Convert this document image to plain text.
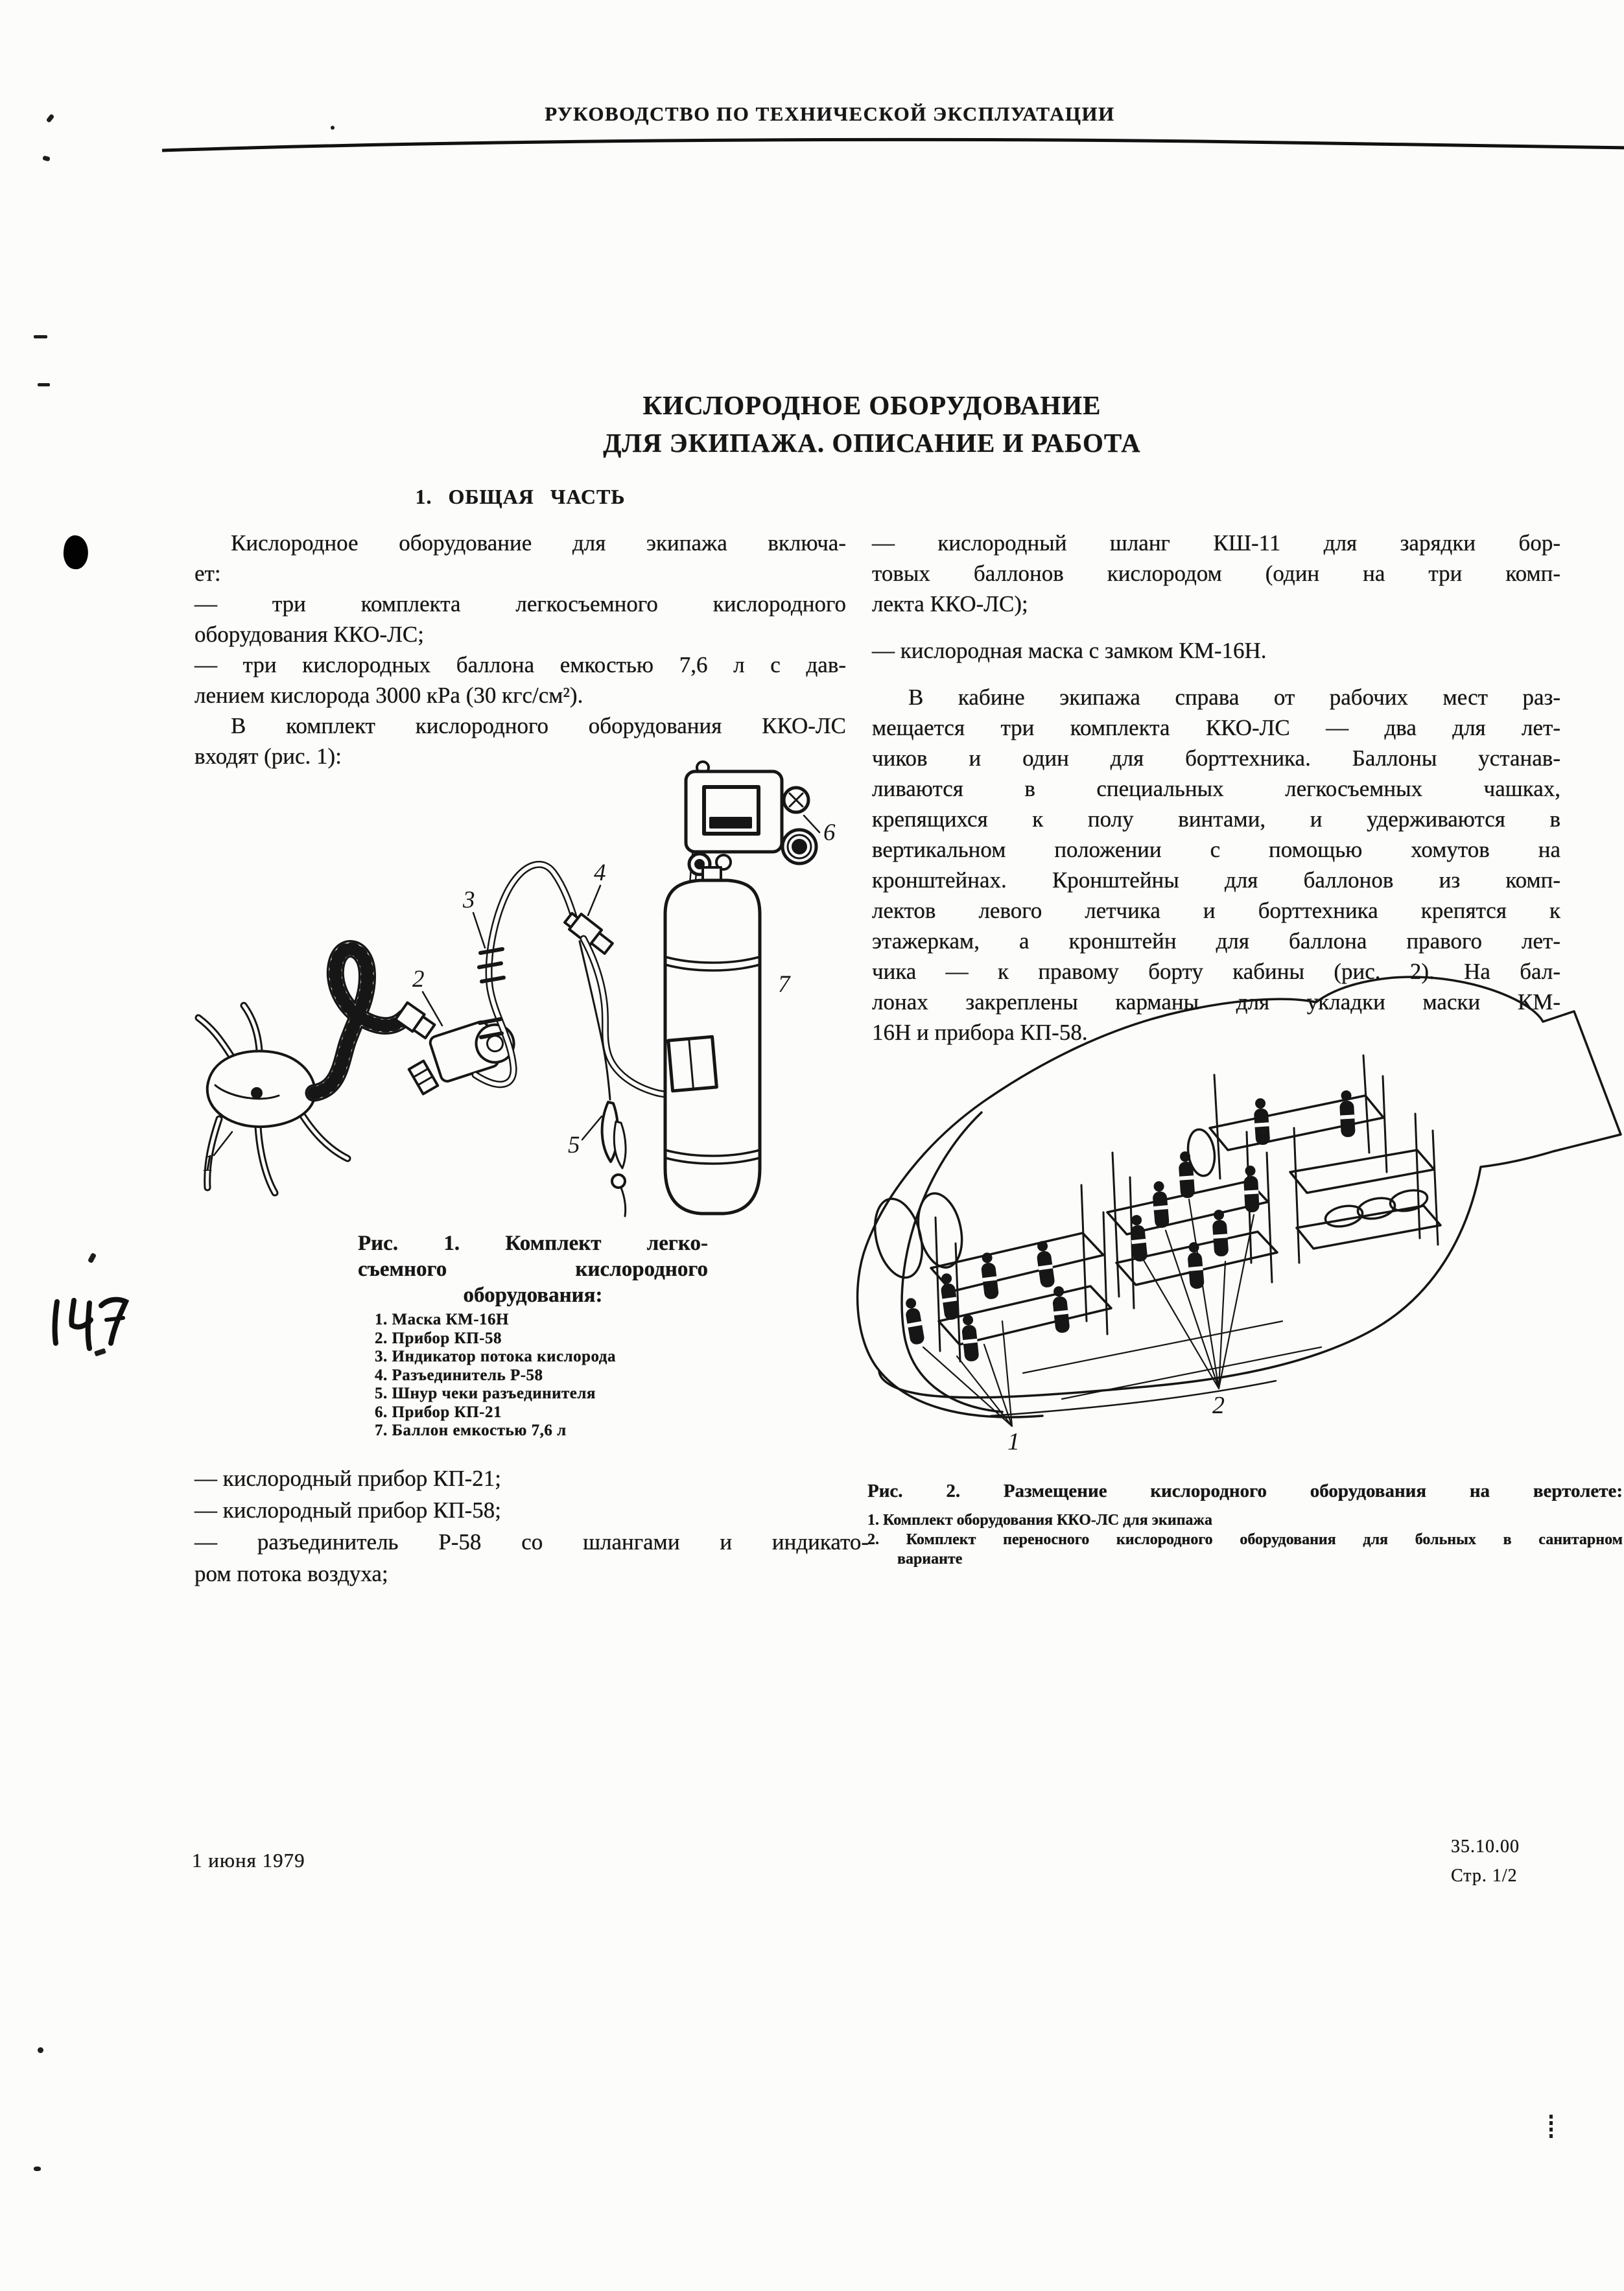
РУКОВОДСТВО ПО ТЕХНИЧЕСКОЙ ЭКСПЛУАТАЦИИ
КИСЛОРОДНОЕ ОБОРУДОВАНИЕ
ДЛЯ ЭКИПАЖА. ОПИСАНИЕ И РАБОТА
1. ОБЩАЯ ЧАСТЬ
Кислородное оборудование для экипажа включа-
ет:
— три комплекта легкосъемного кислородного
оборудования ККО-ЛС;
— три кислородных баллона емкостью 7,6 л с дав-
лением кислорода 3000 кРа (30 кгс/см²).
В комплект кислородного оборудования ККО-ЛС
входят (рис. 1):
— кислородный шланг КШ-11 для зарядки бор-
товых баллонов кислородом (один на три комп-
лекта ККО-ЛС);
— кислородная маска с замком КМ-16Н.
В кабине экипажа справа от рабочих мест раз-
мещается три комплекта ККО-ЛС — два для лет-
чиков и один для борттехника. Баллоны устанав-
ливаются в специальных легкосъемных чашках,
крепящихся к полу винтами, и удерживаются в
вертикальном положении с помощью хомутов на
кронштейнах. Кронштейны для баллонов из комп-
лектов левого летчика и борттехника крепятся к
этажеркам, а кронштейн для баллона правого лет-
чика — к правому борту кабины (рис. 2). На бал-
лонах закреплены карманы для укладки маски КМ-
16Н и прибора КП-58.
1
2
3
4
5
6
7
Рис. 1. Комплект легко-
съемного кислородного
оборудования:
1. Маска КМ-16Н
2. Прибор КП-58
3. Индикатор потока кислорода
4. Разъединитель Р-58
5. Шнур чеки разъединителя
6. Прибор КП-21
7. Баллон емкостью 7,6 л
— кислородный прибор КП-21;
— кислородный прибор КП-58;
— разъединитель Р-58 со шлангами и индикато-
ром потока воздуха;
1
2
Рис. 2. Размещение кислородного оборудования на вертолете:
1. Комплект оборудования ККО-ЛС для экипажа
2. Комплект переносного кислородного оборудования для больных в санитарном
варианте
1 июня 1979
35.10.00
Стр. 1/2
